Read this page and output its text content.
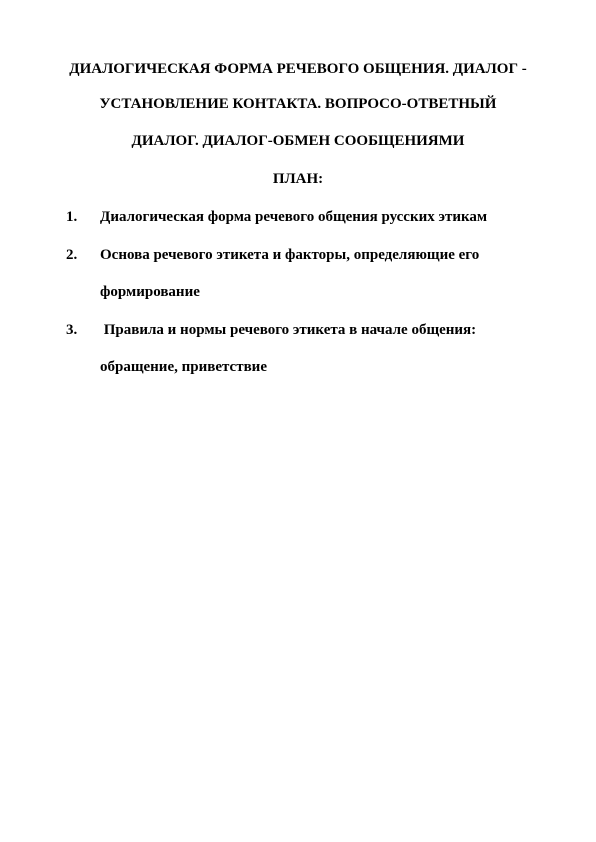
ДИАЛОГИЧЕСКАЯ ФОРМА РЕЧЕВОГО ОБЩЕНИЯ. ДИАЛОГ -
УСТАНОВЛЕНИЕ КОНТАКТА. ВОПРОСО-ОТВЕТНЫЙ
ДИАЛОГ. ДИАЛОГ-ОБМЕН СООБЩЕНИЯМИ
ПЛАН:
1. Диалогическая форма речевого общения русских этикам
2. Основа речевого этикета и факторы, определяющие его
формирование
3. Правила и нормы речевого этикета в начале общения:
обращение, приветствие
